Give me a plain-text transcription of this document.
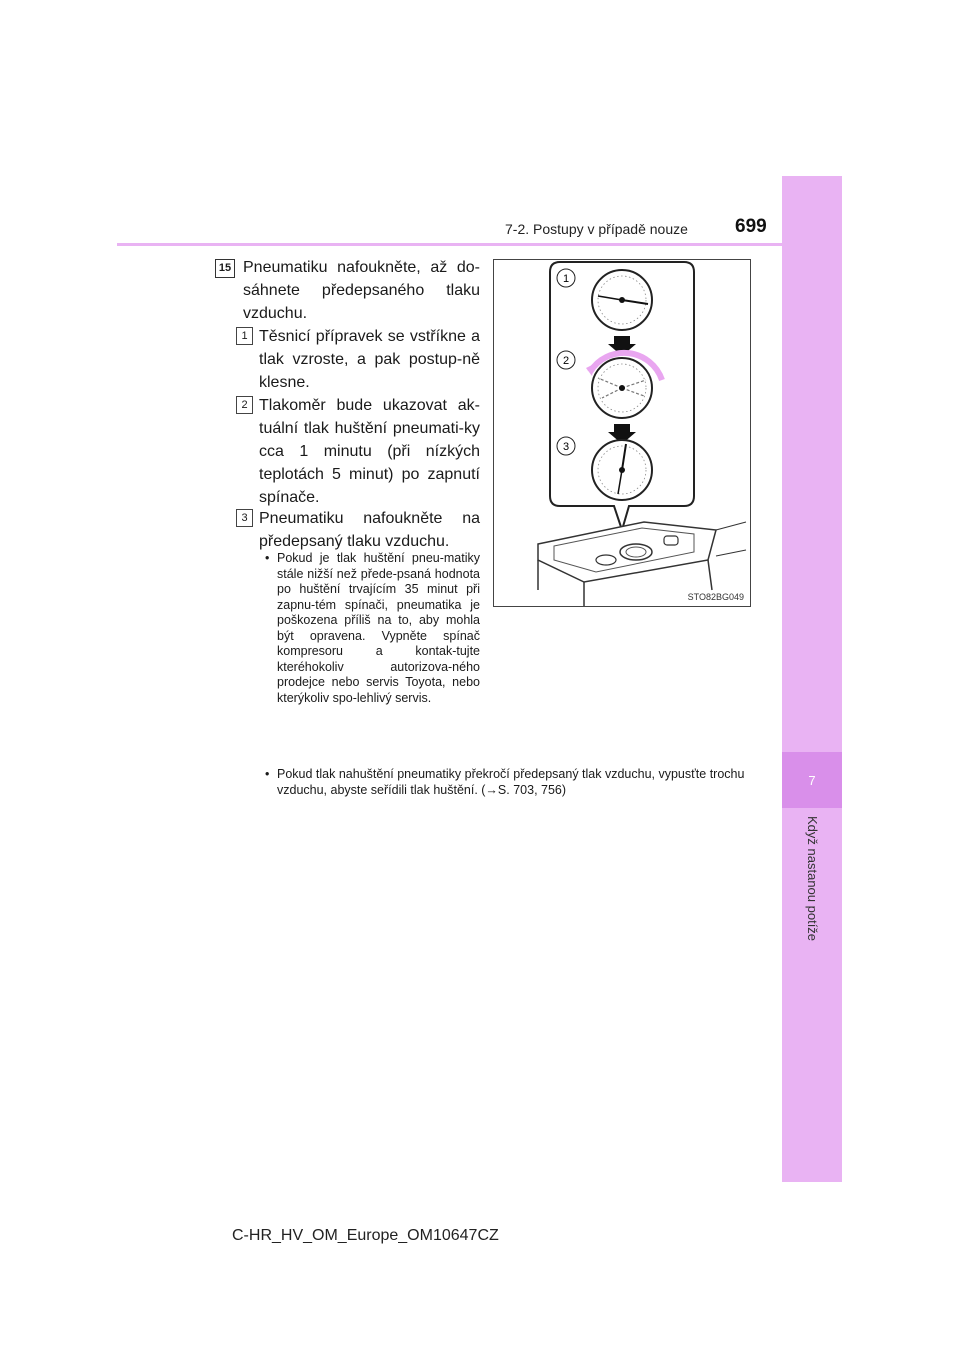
7
Když nastanou potíže
7-2. Postupy v případě nouze 699
15 Pneumatiku nafoukněte, až do-sáhnete předepsaného tlaku vzduchu.
1 Těsnicí přípravek se vstříkne a tlak vzroste, a pak postup-ně klesne.
2 Tlakoměr bude ukazovat ak-tuální tlak huštění pneumati-ky cca 1 minutu (při nízkých teplotách 5 minut) po zapnutí spínače.
3 Pneumatiku nafoukněte na předepsaný tlaku vzduchu.
• Pokud je tlak huštění pneu-matiky stále nižší než přede-psaná hodnota po huštění trvajícím 35 minut při zapnu-tém spínači, pneumatika je poškozena příliš na to, aby mohla být opravena. Vypněte spínač kompresoru a kontak-tujte kteréhokoliv autorizova-ného prodejce nebo servis Toyota, nebo kterýkoliv spo-lehlivý servis.
• Pokud tlak nahuštění pneumatiky překročí předepsaný tlak vzduchu, vypusťte trochu vzduchu, abyste seřídili tlak huštění. (→S. 703, 756)
1
2
3
STO82BG049
C-HR_HV_OM_Europe_OM10647CZ
